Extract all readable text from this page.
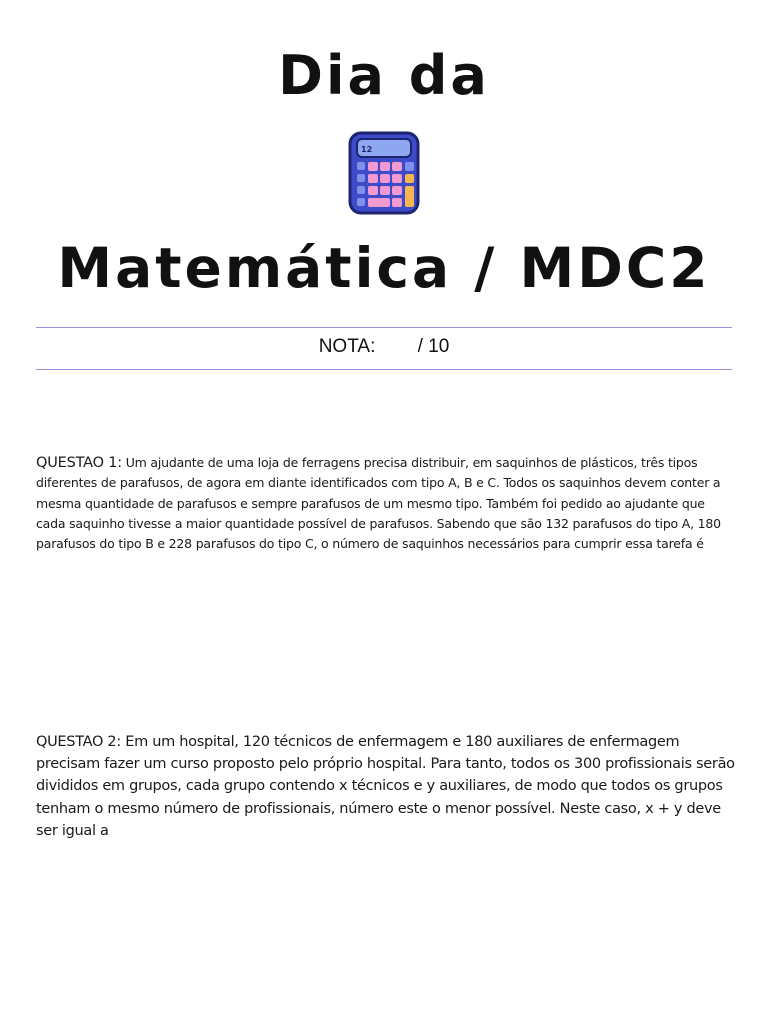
Dia da
12
Matemática / MDC2
NOTA: / 10
QUESTAO 1: Um ajudante de uma loja de ferragens precisa distribuir, em saquinhos de plásticos, três tipos diferentes de parafusos, de agora em diante identificados com tipo A, B e C. Todos os saquinhos devem conter a mesma quantidade de parafusos e sempre parafusos de um mesmo tipo. Também foi pedido ao ajudante que cada saquinho tivesse a maior quantidade possível de parafusos. Sabendo que são 132 parafusos do tipo A, 180 parafusos do tipo B e 228 parafusos do tipo C, o número de saquinhos necessários para cumprir essa tarefa é
QUESTAO 2: Em um hospital, 120 técnicos de enfermagem e 180 auxiliares de enfermagem precisam fazer um curso proposto pelo próprio hospital. Para tanto, todos os 300 profissionais serão divididos em grupos, cada grupo contendo x técnicos e y auxiliares, de modo que todos os grupos tenham o mesmo número de profissionais, número este o menor possível. Neste caso, x + y deve ser igual a
